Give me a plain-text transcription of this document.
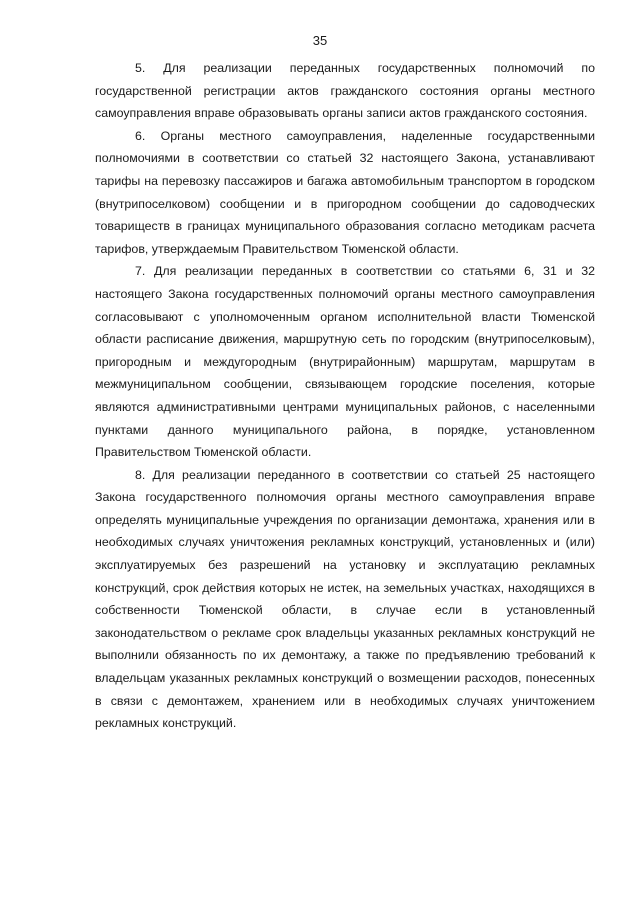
35

5. Для реализации переданных государственных полномочий по государственной регистрации актов гражданского состояния органы местного самоуправления вправе образовывать органы записи актов гражданского состояния.

6. Органы местного самоуправления, наделенные государственными полномочиями в соответствии со статьей 32 настоящего Закона, устанавливают тарифы на перевозку пассажиров и багажа автомобильным транспортом в городском (внутрипоселковом) сообщении и в пригородном сообщении до садоводческих товариществ в границах муниципального образования согласно методикам расчета тарифов, утверждаемым Правительством Тюменской области.

7. Для реализации переданных в соответствии со статьями 6, 31 и 32 настоящего Закона государственных полномочий органы местного самоуправления согласовывают с уполномоченным органом исполнительной власти Тюменской области расписание движения, маршрутную сеть по городским (внутрипоселковым), пригородным и междугородным (внутрирайонным) маршрутам, маршрутам в межмуниципальном сообщении, связывающем городские поселения, которые являются административными центрами муниципальных районов, с населенными пунктами данного муниципального района, в порядке, установленном Правительством Тюменской области.

8. Для реализации переданного в соответствии со статьей 25 настоящего Закона государственного полномочия органы местного самоуправления вправе определять муниципальные учреждения по организации демонтажа, хранения или в необходимых случаях уничтожения рекламных конструкций, установленных и (или) эксплуатируемых без разрешений на установку и эксплуатацию рекламных конструкций, срок действия которых не истек, на земельных участках, находящихся в собственности Тюменской области, в случае если в установленный законодательством о рекламе срок владельцы указанных рекламных конструкций не выполнили обязанность по их демонтажу, а также по предъявлению требований к владельцам указанных рекламных конструкций о возмещении расходов, понесенных в связи с демонтажем, хранением или в необходимых случаях уничтожением рекламных конструкций.
